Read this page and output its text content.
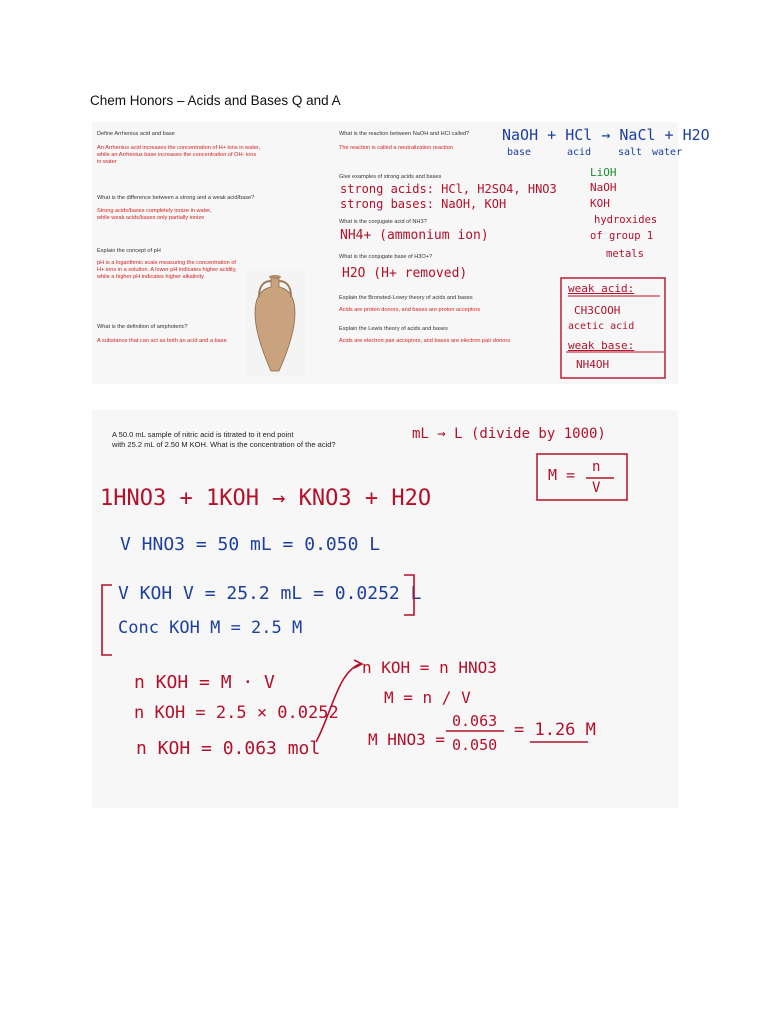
Chem Honors – Acids and Bases Q and A
Define Arrhenius acid and base
An Arrhenius acid increases the concentration of H+ ions in water,
while an Arrhenius base increases the concentration of OH- ions
in water
What is the difference between a strong and a weak acid/base?
Strong acids/bases completely ionize in water,
while weak acids/bases only partially ionize
Explain the concept of pH
pH is a logarithmic scale measuring the concentration of
H+ ions in a solution. A lower pH indicates higher acidity,
while a higher pH indicates higher alkalinity
What is the definition of amphoteric?
A substance that can act as both an acid and a base
What is the reaction between NaOH and HCl called?
The reaction is called a neutralization reaction
Give examples of strong acids and bases
What is the conjugate acid of NH3?
What is the conjugate base of H3O+?
Explain the Bronsted-Lowry theory of acids and bases
Acids are proton donors, and bases are proton acceptors
Explain the Lewis theory of acids and bases
Acids are electron pair acceptors, and bases are electron pair donors
NaOH + HCl → NaCl + H2O
base	acid	salt water
strong acids: HCl, H2SO4, HNO3
strong bases: NaOH, KOH
NH4+ (ammonium ion)
H2O (H+ removed)
LiOH
NaOH
KOH
hydroxides
of group 1
metals
weak acid:
CH3COOH
acetic acid
weak base:
NH4OH
A 50.0 mL sample of nitric acid is titrated to it end point
with 25.2 mL of 2.50 M KOH. What is the concentration of the acid?
mL → L (divide by 1000)
M = n
V
1HNO3 + 1KOH → KNO3 + H2O
V HNO3 = 50 mL = 0.050 L
V KOH V = 25.2 mL = 0.0252 L
Conc KOH M = 2.5 M
n KOH = M · V
n KOH = 2.5 × 0.0252
n KOH = 0.063 mol
n KOH = n HNO3
M = n / V
M HNO3 =
0.063
0.050
= 1.26 M
